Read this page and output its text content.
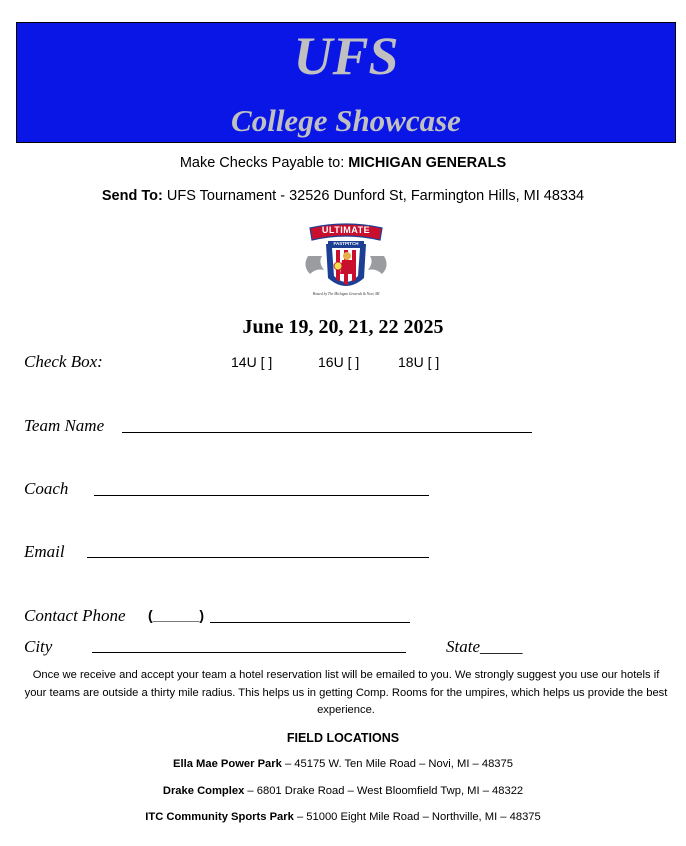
UFS
College Showcase
Make Checks Payable to: MICHIGAN GENERALS
Send To: UFS Tournament - 32526 Dunford St, Farmington Hills, MI 48334
ULTIMATE
FASTPITCH
Hosted by The Michigan Generals & Novi, MI
June 19, 20, 21, 22 2025
Check Box:	14U [ ]	16U [ ]	18U [ ]
Team Name
Coach
Email
Contact Phone (______)
City	State_____
Once we receive and accept your team a hotel reservation list will be emailed to you. We strongly suggest you use our hotels if your teams are outside a thirty mile radius. This helps us in getting Comp. Rooms for the umpires, which helps us provide the best experience.
FIELD LOCATIONS
Ella Mae Power Park – 45175 W. Ten Mile Road – Novi, MI – 48375
Drake Complex – 6801 Drake Road – West Bloomfield Twp, MI – 48322
ITC Community Sports Park – 51000 Eight Mile Road – Northville, MI – 48375
